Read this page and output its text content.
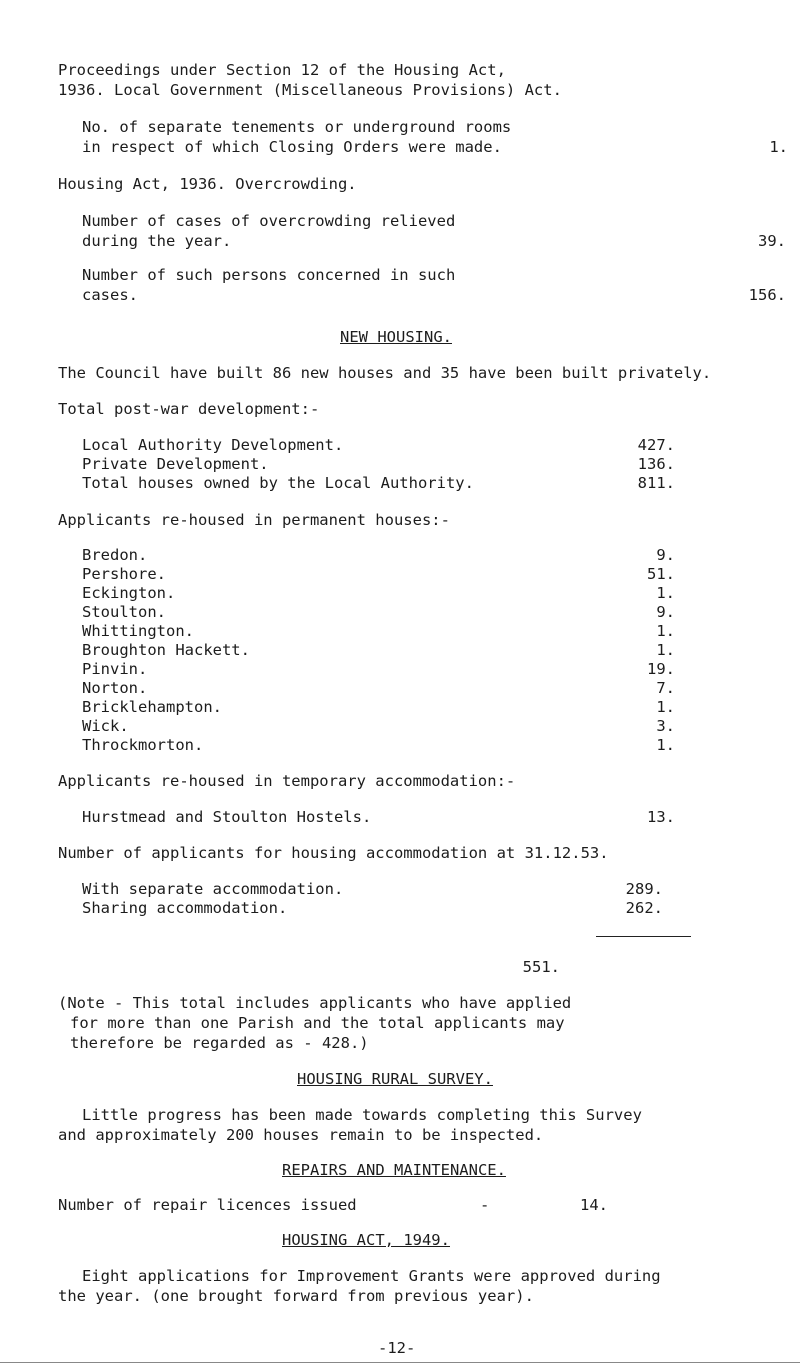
Proceedings under Section 12 of the Housing Act,
1936. Local Government (Miscellaneous Provisions) Act.
No. of separate tenements or underground rooms
in respect of which Closing Orders were made.	1.
Housing Act, 1936. Overcrowding.
Number of cases of overcrowding relieved
during the year.	39.
Number of such persons concerned in such
cases.	156.
NEW HOUSING.
The Council have built 86 new houses and 35 have been built privately.
Total post-war development:-
Local Authority Development.	427.
Private Development.	136.
Total houses owned by the Local Authority.	811.
Applicants re-housed in permanent houses:-
Bredon.	9.
Pershore.	51.
Eckington.	1.
Stoulton.	9.
Whittington.	1.
Broughton Hackett.	1.
Pinvin.	19.
Norton.	7.
Bricklehampton.	1.
Wick.	3.
Throckmorton.	1.
Applicants re-housed in temporary accommodation:-
Hurstmead and Stoulton Hostels.	13.
Number of applicants for housing accommodation at 31.12.53.
With separate accommodation.	289.
Sharing accommodation.	262.
551.
(Note - This total includes applicants who have applied
for more than one Parish and the total applicants may
therefore be regarded as - 428.)
HOUSING RURAL SURVEY.
Little progress has been made towards completing this Survey
and approximately 200 houses remain to be inspected.
REPAIRS AND MAINTENANCE.
Number of repair licences issued	-	14.
HOUSING ACT, 1949.
Eight applications for Improvement Grants were approved during
the year. (one brought forward from previous year).
-12-
